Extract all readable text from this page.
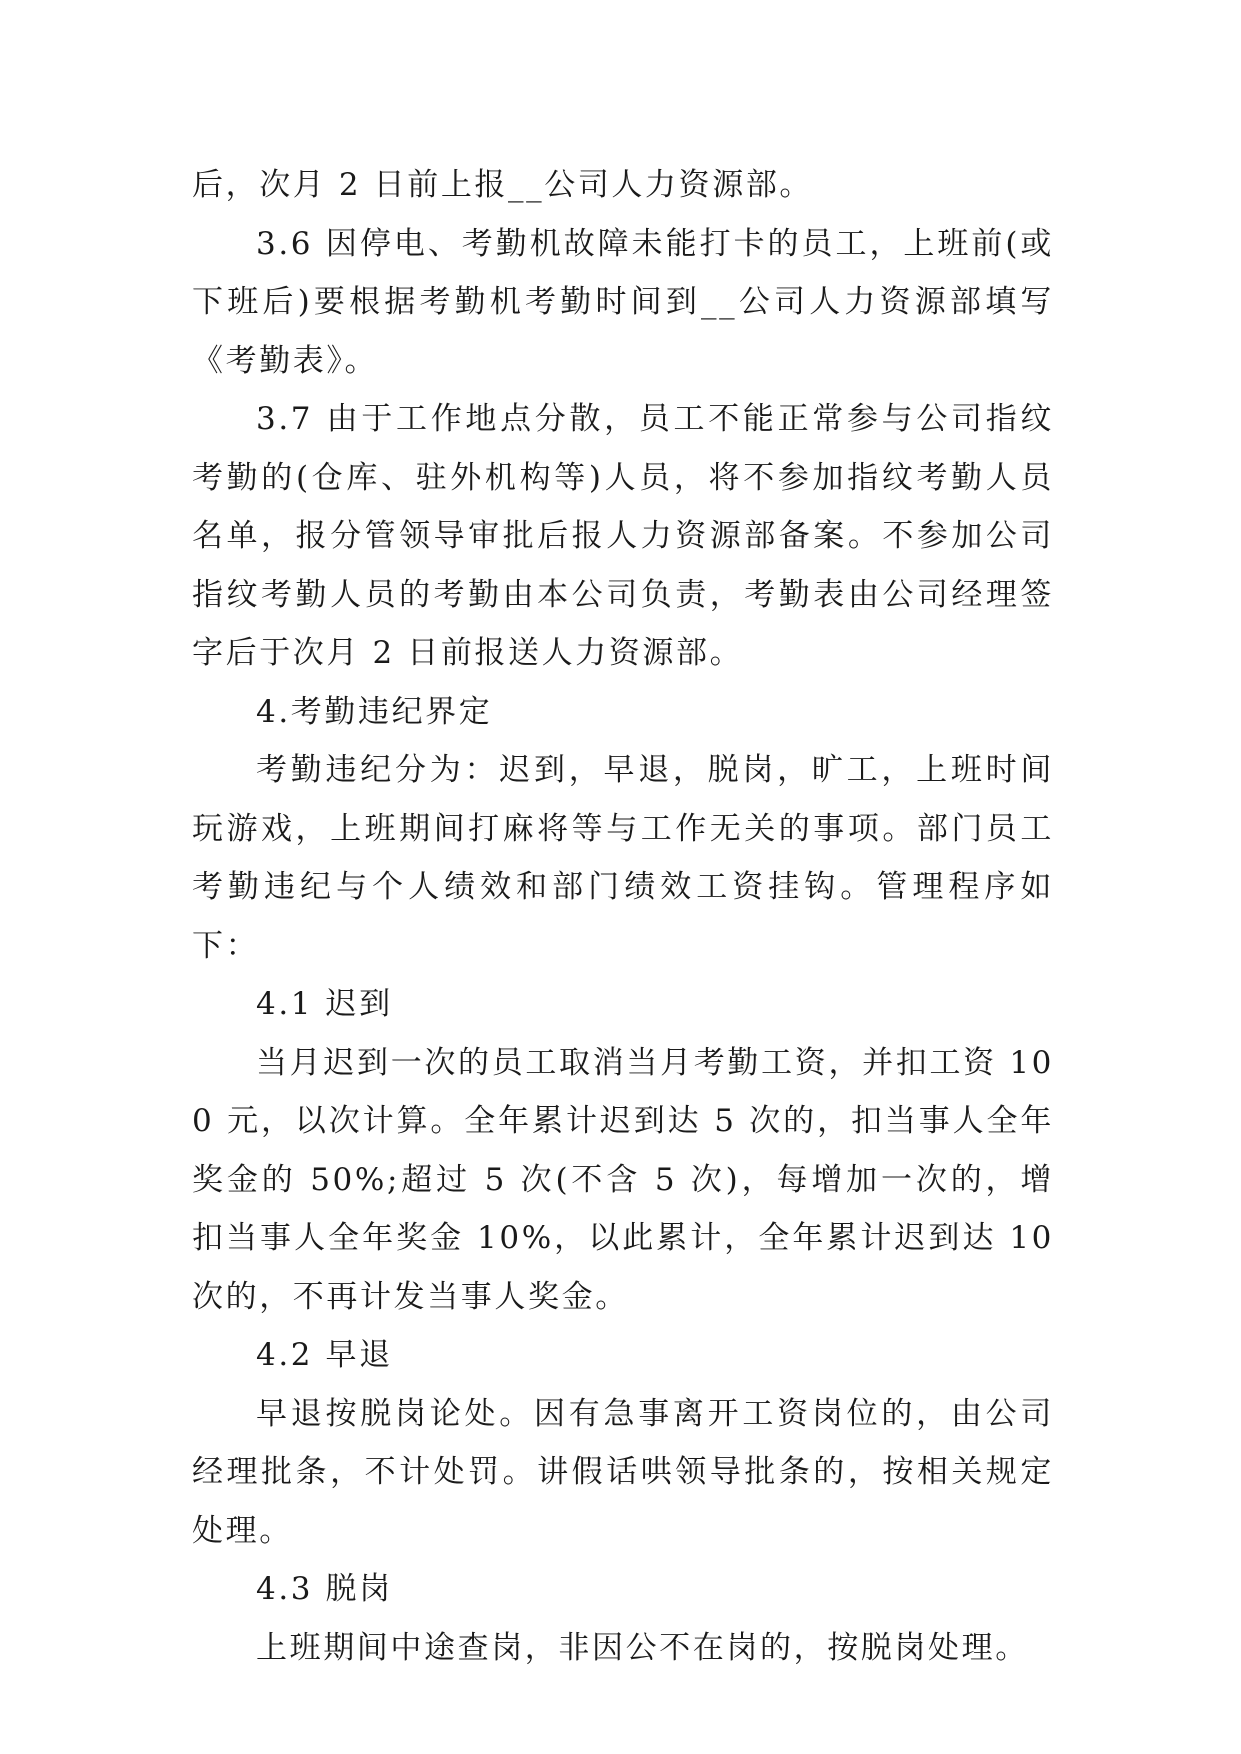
后，次月 2 日前上报__公司人力资源部。

3.6 因停电、考勤机故障未能打卡的员工，上班前(或下班后)要根据考勤机考勤时间到__公司人力资源部填写《考勤表》。

3.7 由于工作地点分散，员工不能正常参与公司指纹考勤的(仓库、驻外机构等)人员，将不参加指纹考勤人员名单，报分管领导审批后报人力资源部备案。不参加公司指纹考勤人员的考勤由本公司负责，考勤表由公司经理签字后于次月 2 日前报送人力资源部。

4.考勤违纪界定

考勤违纪分为：迟到，早退，脱岗，旷工，上班时间玩游戏，上班期间打麻将等与工作无关的事项。部门员工考勤违纪与个人绩效和部门绩效工资挂钩。管理程序如下：

4.1 迟到

当月迟到一次的员工取消当月考勤工资，并扣工资 100 元，以次计算。全年累计迟到达 5 次的，扣当事人全年奖金的 50%;超过 5 次(不含 5 次)，每增加一次的，增扣当事人全年奖金 10%，以此累计，全年累计迟到达 10 次的，不再计发当事人奖金。

4.2 早退

早退按脱岗论处。因有急事离开工资岗位的，由公司经理批条，不计处罚。讲假话哄领导批条的，按相关规定处理。

4.3 脱岗

上班期间中途查岗，非因公不在岗的，按脱岗处理。
